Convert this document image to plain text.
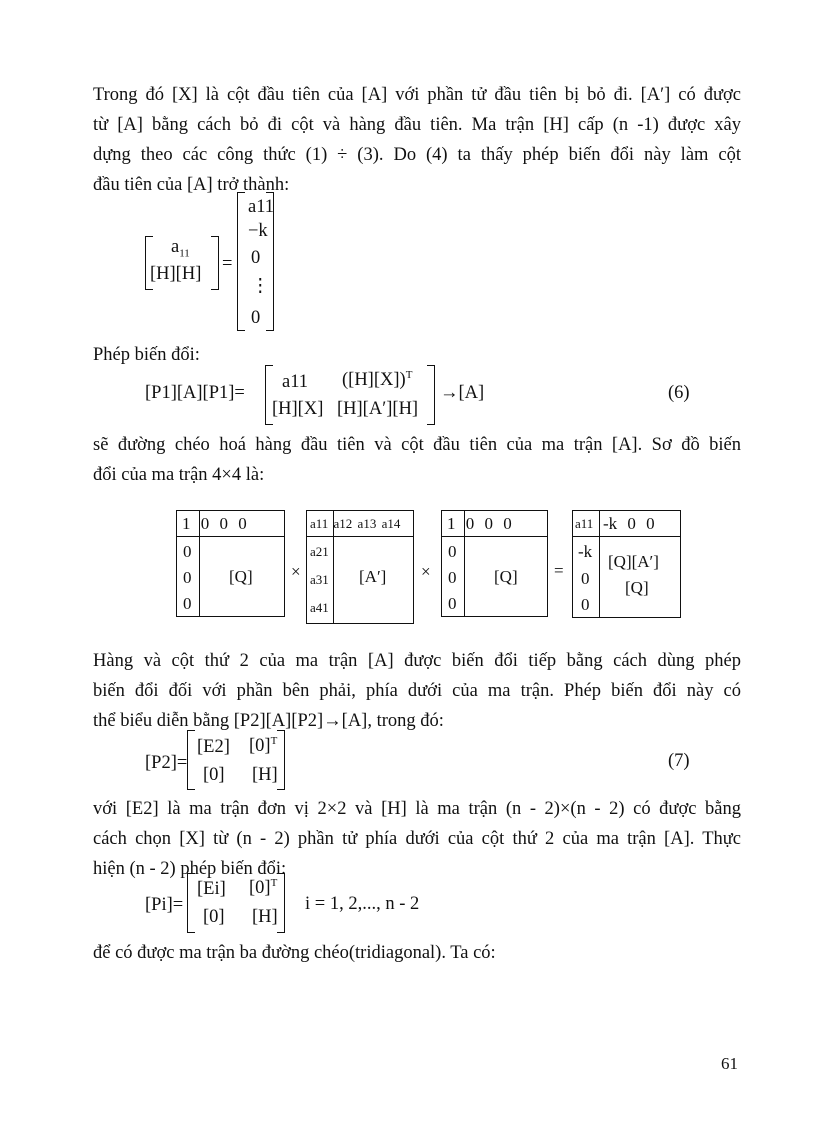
Trong đó [X] là cột đầu tiên của [A] với phần tử đầu tiên bị bỏ đi. [A′] có được
từ [A] bằng cách bỏ đi cột và hàng đầu tiên. Ma trận [H] cấp (n -1) được xây
dựng theo các công thức (1) ÷ (3). Do (4) ta thấy phép biến đổi này làm cột
đầu tiên của [A] trở thành:

$a_{11}$
[H][H] =
a11
−k
0
⋮
0

Phép biến đổi:

[P1][A][P1]=
a11 $([H][X])^T$
[H][X] [H][A′][H]
→[A]	(6)

sẽ đường chéo hoá hàng đầu tiên và cột đầu tiên của ma trận [A]. Sơ đồ biến
đổi của ma trận 4×4 là:

1 0 0 0
0
0
0
[Q] ×
a11 a12 a13 a14
a21
a31
a41
[A′] ×
1 0 0 0
0
0
0
[Q] =
a11 -k 0 0
-k
0
0
[Q][A′]
[Q]

Hàng và cột thứ 2 của ma trận [A] được biến đổi tiếp bằng cách dùng phép
biến đổi đối với phần bên phải, phía dưới của ma trận. Phép biến đổi này có
thể biểu diễn bằng [P2][A][P2]→[A], trong đó:

[P2]=
[E2] $[0]^T$
[0] [H]
(7)

với [E2] là ma trận đơn vị 2×2 và [H] là ma trận (n - 2)×(n - 2) có được bằng
cách chọn [X] từ (n - 2) phần tử phía dưới của cột thứ 2 của ma trận [A]. Thực
hiện (n - 2) phép biến đổi:

[Pi]=
[Ei] $[0]^T$
[0] [H]
i = 1, 2,..., n - 2

để có được ma trận ba đường chéo(tridiagonal). Ta có:

61
